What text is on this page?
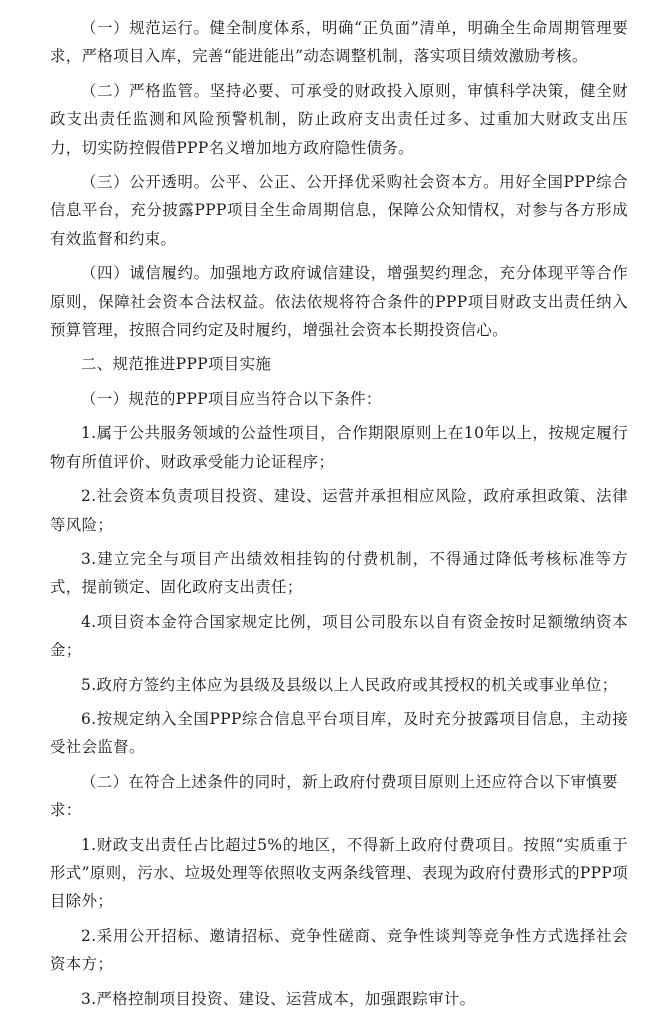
（一）规范运行。健全制度体系，明确“正负面”清单，明确全生命周期管理要求，严格项目入库，完善“能进能出”动态调整机制，落实项目绩效激励考核。

（二）严格监管。坚持必要、可承受的财政投入原则，审慎科学决策，健全财政支出责任监测和风险预警机制，防止政府支出责任过多、过重加大财政支出压力，切实防控假借PPP名义增加地方政府隐性债务。

（三）公开透明。公平、公正、公开择优采购社会资本方。用好全国PPP综合信息平台，充分披露PPP项目全生命周期信息，保障公众知情权，对参与各方形成有效监督和约束。

（四）诚信履约。加强地方政府诚信建设，增强契约理念，充分体现平等合作原则，保障社会资本合法权益。依法依规将符合条件的PPP项目财政支出责任纳入预算管理，按照合同约定及时履约，增强社会资本长期投资信心。

二、规范推进PPP项目实施

（一）规范的PPP项目应当符合以下条件：

1.属于公共服务领域的公益性项目，合作期限原则上在10年以上，按规定履行物有所值评价、财政承受能力论证程序；

2.社会资本负责项目投资、建设、运营并承担相应风险，政府承担政策、法律等风险；

3.建立完全与项目产出绩效相挂钩的付费机制，不得通过降低考核标准等方式，提前锁定、固化政府支出责任；

4.项目资本金符合国家规定比例，项目公司股东以自有资金按时足额缴纳资本金；

5.政府方签约主体应为县级及县级以上人民政府或其授权的机关或事业单位；

6.按规定纳入全国PPP综合信息平台项目库，及时充分披露项目信息，主动接受社会监督。

（二）在符合上述条件的同时，新上政府付费项目原则上还应符合以下审慎要求：

1.财政支出责任占比超过5%的地区，不得新上政府付费项目。按照“实质重于形式”原则，污水、垃圾处理等依照收支两条线管理、表现为政府付费形式的PPP项目除外；

2.采用公开招标、邀请招标、竞争性磋商、竞争性谈判等竞争性方式选择社会资本方；

3.严格控制项目投资、建设、运营成本，加强跟踪审计。
